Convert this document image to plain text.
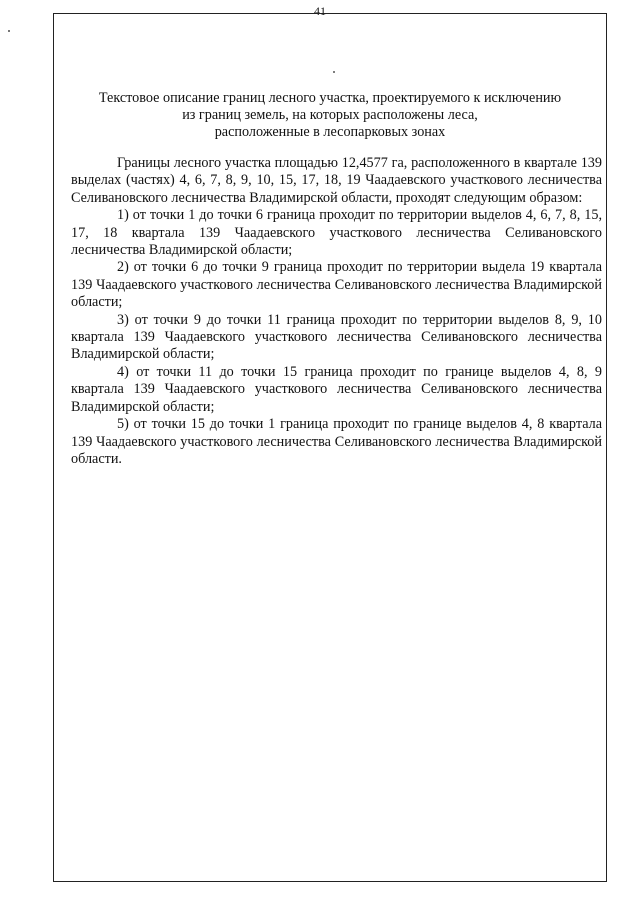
41
Текстовое описание границ лесного участка, проектируемого к исключению
из границ земель, на которых расположены леса,
расположенные в лесопарковых зонах

Границы лесного участка площадью 12,4577 га, расположенного в квартале 139 выделах (частях) 4, 6, 7, 8, 9, 10, 15, 17, 18, 19 Чаадаевского участкового лесничества Селивановского лесничества Владимирской области, проходят следующим образом:

1) от точки 1 до точки 6 граница проходит по территории выделов 4, 6, 7, 8, 15, 17, 18 квартала 139 Чаадаевского участкового лесничества Селивановского лесничества Владимирской области;

2) от точки 6 до точки 9 граница проходит по территории выдела 19 квартала 139 Чаадаевского участкового лесничества Селивановского лесничества Владимирской области;

3) от точки 9 до точки 11 граница проходит по территории выделов 8, 9, 10 квартала 139 Чаадаевского участкового лесничества Селивановского лесничества Владимирской области;

4) от точки 11 до точки 15 граница проходит по границе выделов 4, 8, 9 квартала 139 Чаадаевского участкового лесничества Селивановского лесничества Владимирской области;

5) от точки 15 до точки 1 граница проходит по границе выделов 4, 8 квартала 139 Чаадаевского участкового лесничества Селивановского лесничества Владимирской области.
